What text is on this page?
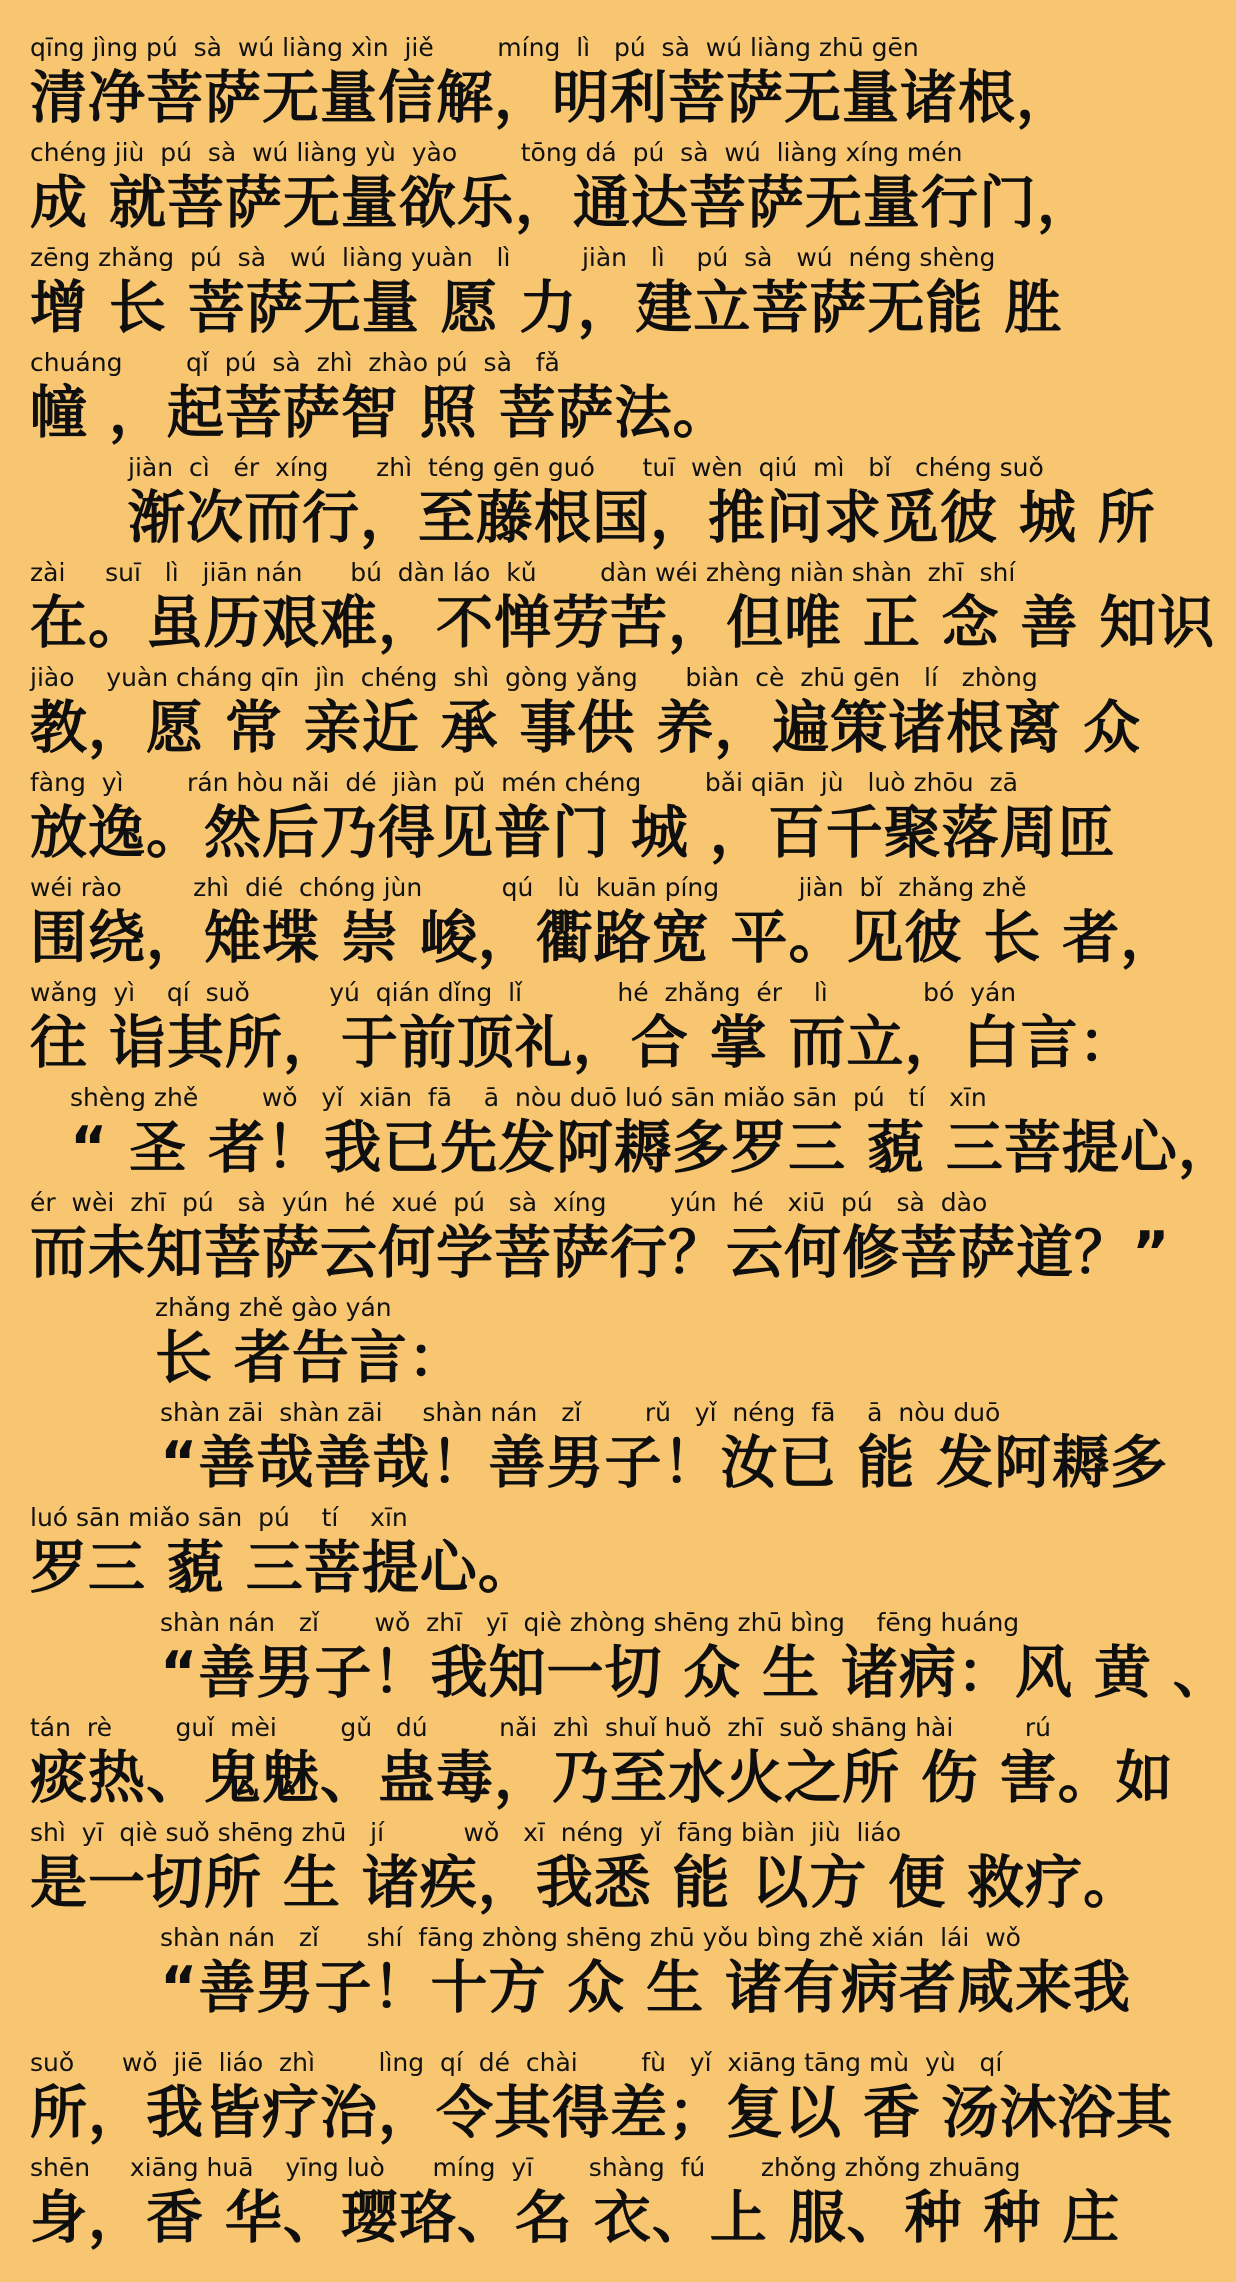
qīng jìng pú  sà  wú liàng xìn  jiě        míng  lì   pú  sà  wú liàng zhū gēn
清净菩萨无量信解，明利菩萨无量诸根，
chéng jiù  pú  sà  wú liàng yù  yào        tōng dá  pú  sà  wú  liàng xíng mén
成 就菩萨无量欲乐，通达菩萨无量行门，
zēng zhǎng  pú  sà   wú  liàng yuàn   lì         jiàn   lì    pú  sà   wú  néng shèng
增 长 菩萨无量 愿 力，建立菩萨无能 胜
chuáng        qǐ  pú  sà  zhì  zhào pú  sà   fǎ
幢 ，起菩萨智 照 菩萨法。
jiàn  cì   ér  xíng      zhì  téng gēn guó      tuī  wèn  qiú  mì   bǐ   chéng suǒ
渐次而行，至藤根国，推问求觅彼 城 所
zài     suī   lì   jiān nán      bú  dàn láo  kǔ        dàn wéi zhèng niàn shàn  zhī  shí
在。虽历艰难，不惮劳苦，但唯 正 念 善 知识
jiào    yuàn cháng qīn  jìn  chéng  shì  gòng yǎng      biàn  cè  zhū gēn   lí   zhòng
教，愿 常 亲近 承 事供 养，遍策诸根离 众
fàng  yì        rán hòu nǎi  dé  jiàn  pǔ  mén chéng        bǎi qiān  jù   luò zhōu  zā
放逸。然后乃得见普门 城 ，百千聚落周匝
wéi rào         zhì  dié  chóng jùn          qú   lù  kuān píng          jiàn  bǐ  zhǎng zhě
围绕，雉堞 崇 峻，衢路宽 平。见彼 长 者，
wǎng  yì    qí  suǒ          yú  qián dǐng  lǐ            hé  zhǎng  ér    lì            bó  yán
往 诣其所，于前顶礼，合 掌 而立，白言：
shèng zhě        wǒ   yǐ  xiān  fā    ā  nòu duō luó sān miǎo sān  pú   tí   xīn
“ 圣 者！我已先发阿耨多罗三 藐 三菩提心，
ér  wèi  zhī  pú   sà  yún  hé  xué  pú   sà  xíng        yún  hé   xiū  pú   sà  dào
而未知菩萨云何学菩萨行？云何修菩萨道？”
zhǎng zhě gào yán
长 者告言：
shàn zāi  shàn zāi     shàn nán   zǐ        rǔ   yǐ  néng  fā    ā  nòu duō
“善哉善哉！善男子！汝已 能 发阿耨多
luó sān miǎo sān  pú    tí    xīn
罗三 藐 三菩提心。
shàn nán   zǐ       wǒ  zhī   yī  qiè zhòng shēng zhū bìng    fēng huáng
“善男子！我知一切 众 生 诸病：风 黄 、
tán  rè        guǐ  mèi        gǔ   dú         nǎi  zhì  shuǐ huǒ  zhī  suǒ shāng hài         rú
痰热、鬼魅、蛊毒，乃至水火之所 伤 害。如
shì  yī  qiè suǒ shēng zhū   jí          wǒ   xī  néng  yǐ  fāng biàn  jiù  liáo
是一切所 生 诸疾，我悉 能 以方 便 救疗。
shàn nán   zǐ      shí  fāng zhòng shēng zhū yǒu bìng zhě xián  lái  wǒ
“善男子！十方 众 生 诸有病者咸来我
suǒ      wǒ  jiē  liáo  zhì        lìng  qí  dé  chài        fù   yǐ  xiāng tāng mù  yù   qí
所，我皆疗治，令其得差；复以 香 汤沐浴其
shēn     xiāng huā    yīng luò      míng  yī       shàng  fú       zhǒng zhǒng zhuāng
身，香 华、璎珞、名 衣、上 服、种 种 庄
